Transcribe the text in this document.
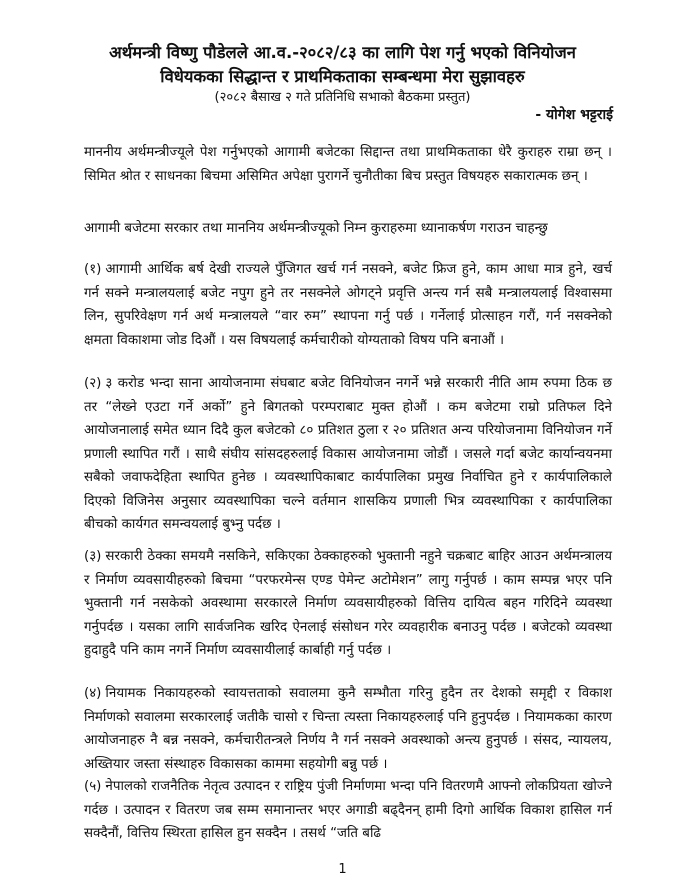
अर्थमन्त्री विष्णु पौडेलले आ.व.-२०८२/८३ का लागि पेश गर्नु भएको विनियोजन
विधेयकका सिद्धान्त र प्राथमिकताका सम्बन्धमा मेरा सुझावहरु
(२०८२ बैसाख २ गते प्रतिनिधि सभाको बैठकमा प्रस्तुत)
- योगेश भट्टराई
माननीय अर्थमन्त्रीज्यूले पेश गर्नुभएको आगामी बजेटका सिद्दान्त तथा प्राथमिकताका धेरै कुराहरु राम्रा छन् । सिमित श्रोत र साधनका बिचमा असिमित अपेक्षा पुरागर्ने चुनौतीका बिच प्रस्तुत विषयहरु सकारात्मक छन् ।
आगामी बजेटमा सरकार तथा माननिय अर्थमन्त्रीज्यूको निम्न कुराहरुमा ध्यानाकर्षण गराउन चाहन्छु
(१) आगामी आर्थिक बर्ष देखी राज्यले पुँजिगत खर्च गर्न नसक्ने, बजेट फ्रिज हुने, काम आधा मात्र हुने, खर्च गर्न सक्ने मन्त्रालयलाई बजेट नपुग हुने तर नसक्नेले ओगट्ने प्रवृत्ति अन्त्य गर्न सबै मन्त्रालयलाई विश्वासमा लिन, सुपरिवेक्षण गर्न अर्थ मन्त्रालयले “वार रुम” स्थापना गर्नु पर्छ । गर्नेलाई प्रोत्साहन गरौं, गर्न नसक्नेको क्षमता विकाशमा जोड दिऔं । यस विषयलाई कर्मचारीको योग्यताको विषय पनि बनाऔं ।
(२) ३ करोड भन्दा साना आयोजनामा संघबाट बजेट विनियोजन नगर्ने भन्ने सरकारी नीति आम रुपमा ठिक छ तर “लेख्ने एउटा गर्ने अर्को” हुने बिगतको परम्पराबाट मुक्त होऔं । कम बजेटमा राम्रो प्रतिफल दिने आयोजनालाई समेत ध्यान दिदै कुल बजेटको ८० प्रतिशत ठुला र २० प्रतिशत अन्य परियोजनामा विनियोजन गर्ने प्रणाली स्थापित गरौं । साथै संघीय सांसदहरुलाई विकास आयोजनामा जोडौं । जसले गर्दा बजेट कार्यान्वयनमा सबैको जवाफदेहिता स्थापित हुनेछ । व्यवस्थापिकाबाट कार्यपालिका प्रमुख निर्वाचित हुने र कार्यपालिकाले दिएको विजिनेस अनुसार व्यवस्थापिका चल्ने वर्तमान शासकिय प्रणाली भित्र व्यवस्थापिका र कार्यपालिका बीचको कार्यगत समन्वयलाई बुभ्नु पर्दछ ।
(३) सरकारी ठेक्का समयमै नसकिने, सकिएका ठेक्काहरुको भुक्तानी नहुने चक्रबाट बाहिर आउन अर्थमन्त्रालय र निर्माण व्यवसायीहरुको बिचमा “परफरमेन्स एण्ड पेमेन्ट अटोमेशन” लागु गर्नुपर्छ । काम सम्पन्न भएर पनि भुक्तानी गर्न नसकेको अवस्थामा सरकारले निर्माण व्यवसायीहरुको वित्तिय दायित्व बहन गरिदिने व्यवस्था गर्नुपर्दछ । यसका लागि सार्वजनिक खरिद ऐनलाई संसोधन गरेर व्यवहारीक बनाउनु पर्दछ । बजेटको व्यवस्था हुदाहुदै पनि काम नगर्ने निर्माण व्यवसायीलाई कार्बाही गर्नु पर्दछ ।
(४) नियामक निकायहरुको स्वायत्तताको सवालमा कुनै सम्भौता गरिनु हुदैन तर देशको समृद्दी र विकाश निर्माणको सवालमा सरकारलाई जतीकै चासो र चिन्ता त्यस्ता निकायहरुलाई पनि हुनुपर्दछ । नियामकका कारण आयोजनाहरु नै बन्न नसक्ने, कर्मचारीतन्त्रले निर्णय नै गर्न नसक्ने अवस्थाको अन्त्य हुनुपर्छ । संसद, न्यायलय, अख्तियार जस्ता संस्थाहरु विकासका काममा सहयोगी बन्नु पर्छ ।
(५) नेपालको राजनैतिक नेतृत्व उत्पादन र राष्ट्रिय पुंजी निर्माणमा भन्दा पनि वितरणमै आफ्नो लोकप्रियता खोज्ने गर्दछ । उत्पादन र वितरण जब सम्म समानान्तर भएर अगाडी बढ्दैनन् हामी दिगो आर्थिक विकाश हासिल गर्न सक्दैनौं, वित्तिय स्थिरता हासिल हुन सक्दैन । तसर्थ “जति बढि
1
